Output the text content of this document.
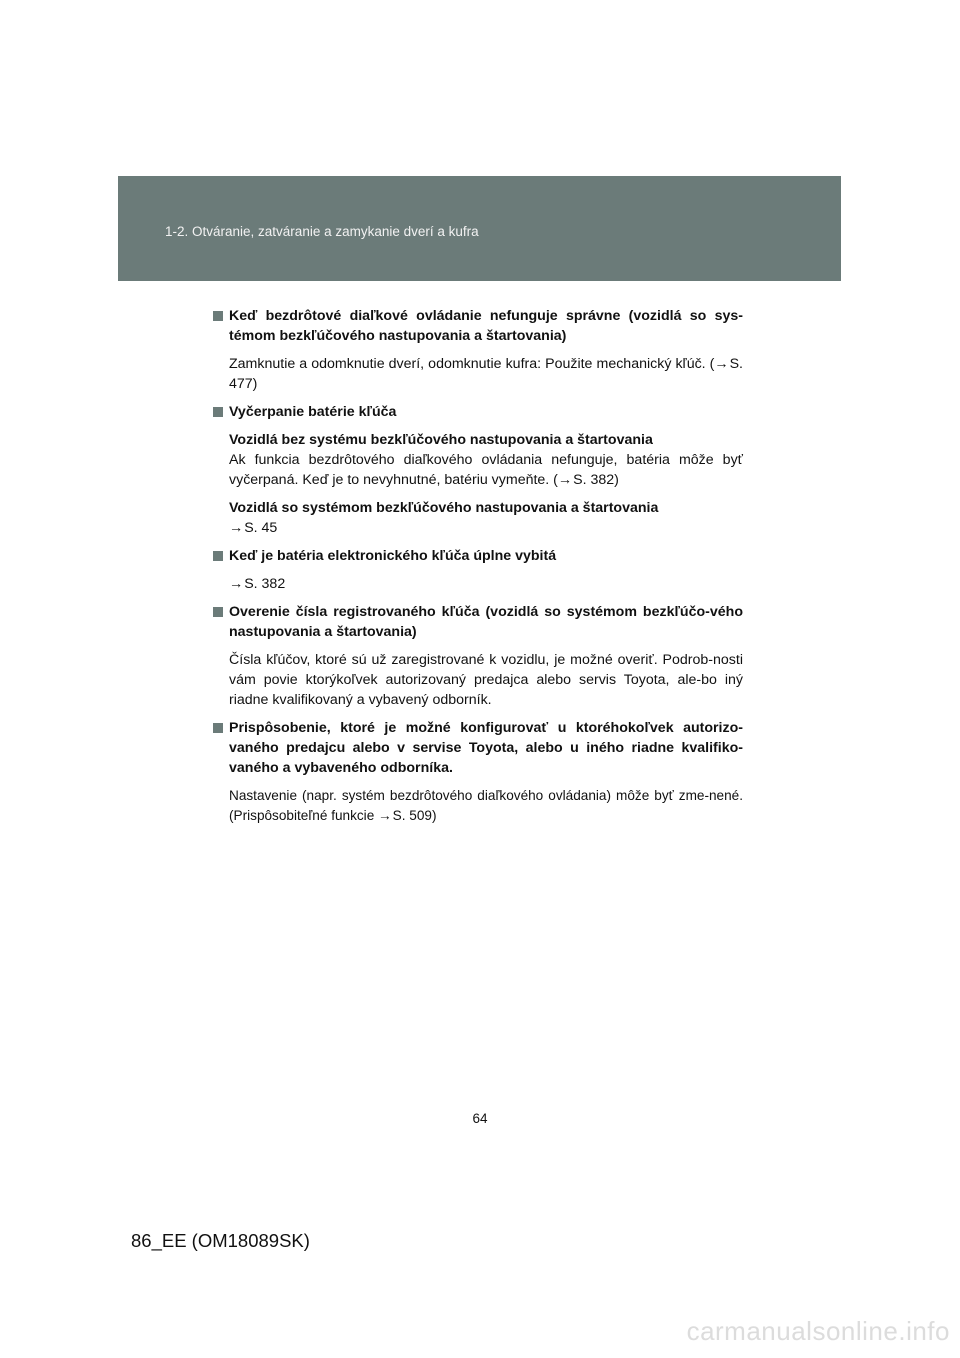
1-2. Otváranie, zatváranie a zamykanie dverí a kufra
Keď bezdrôtové diaľkové ovládanie nefunguje správne (vozidlá so sys-témom bezkľúčového nastupovania a štartovania)
Zamknutie a odomknutie dverí, odomknutie kufra: Použite mechanický kľúč. (→S. 477)
Vyčerpanie batérie kľúča
Vozidlá bez systému bezkľúčového nastupovania a štartovania
Ak funkcia bezdrôtového diaľkového ovládania nefunguje, batéria môže byť vyčerpaná. Keď je to nevyhnutné, batériu vymeňte. (→S. 382)
Vozidlá so systémom bezkľúčového nastupovania a štartovania
→S. 45
Keď je batéria elektronického kľúča úplne vybitá
→S. 382
Overenie čísla registrovaného kľúča (vozidlá so systémom bezkľúčo-vého nastupovania a štartovania)
Čísla kľúčov, ktoré sú už zaregistrované k vozidlu, je možné overiť. Podrob-nosti vám povie ktorýkoľvek autorizovaný predajca alebo servis Toyota, ale-bo iný riadne kvalifikovaný a vybavený odborník.
Prispôsobenie, ktoré je možné konfigurovať u ktoréhokoľvek autorizo-vaného predajcu alebo v servise Toyota, alebo u iného riadne kvalifiko-vaného a vybaveného odborníka.
Nastavenie (napr. systém bezdrôtového diaľkového ovládania) môže byť zme-nené. (Prispôsobiteľné funkcie →S. 509)
64
86_EE (OM18089SK)
carmanualsonline.info
